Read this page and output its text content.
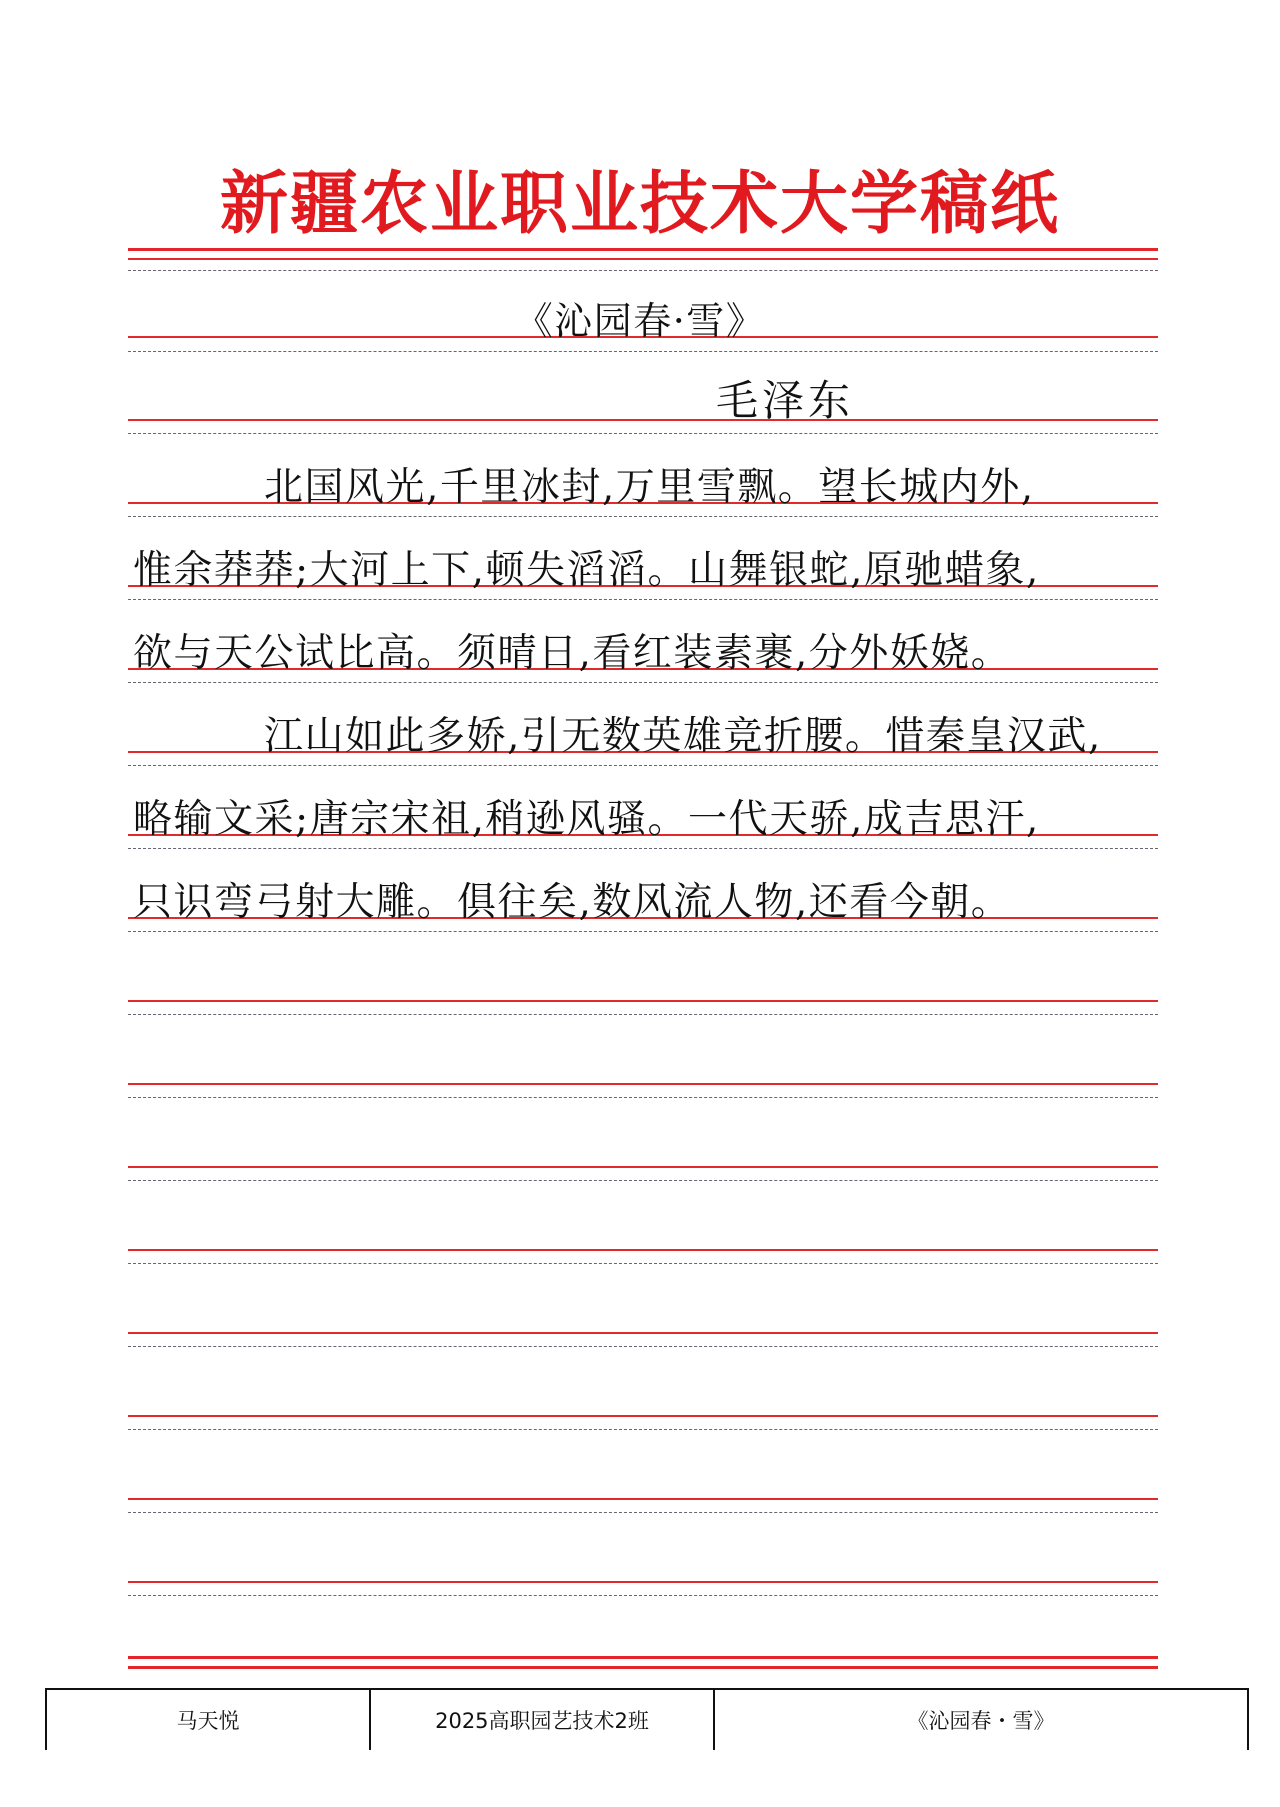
新疆农业职业技术大学稿纸
《沁园春·雪》
毛泽东
北国风光,千里冰封,万里雪飘。望长城内外,
惟余莽莽;大河上下,顿失滔滔。山舞银蛇,原驰蜡象,
欲与天公试比高。须晴日,看红装素裹,分外妖娆。
江山如此多娇,引无数英雄竞折腰。惜秦皇汉武,
略输文采;唐宗宋祖,稍逊风骚。一代天骄,成吉思汗,
只识弯弓射大雕。俱往矣,数风流人物,还看今朝。
马天悦	2025高职园艺技术2班	《沁园春・雪》
